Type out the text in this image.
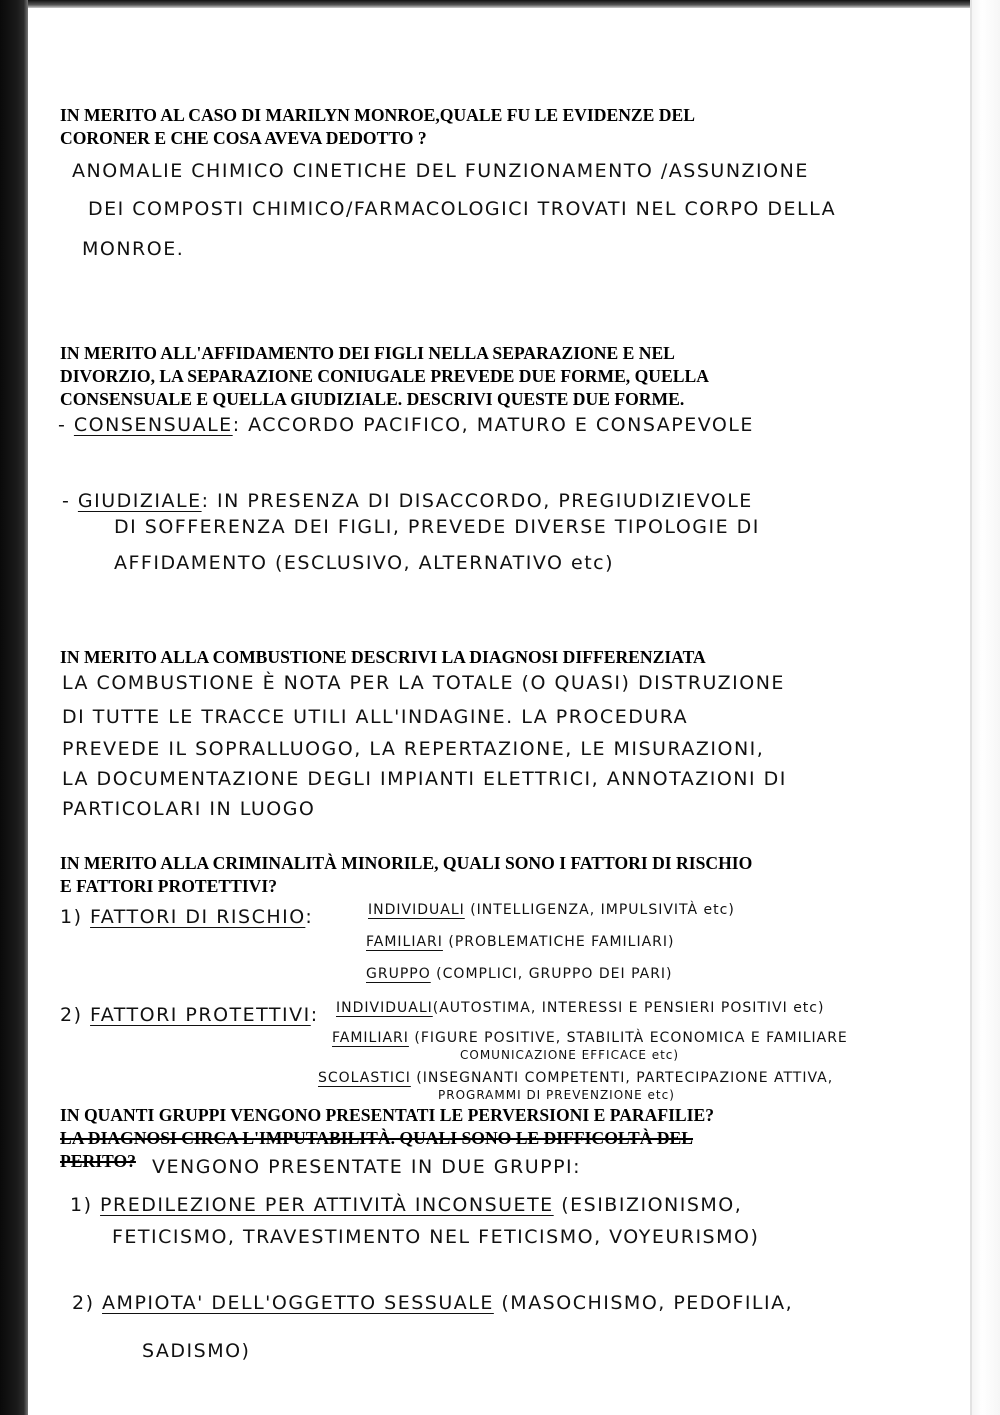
IN MERITO AL CASO DI MARILYN MONROE,QUALE FU LE EVIDENZE DEL

CORONER E CHE COSA AVEVA DEDOTTO ?

ANOMALIE CHIMICO CINETICHE DEL FUNZIONAMENTO /ASSUNZIONE
DEI COMPOSTI CHIMICO/FARMACOLOGICI TROVATI NEL CORPO DELLA
MONROE.

IN MERITO ALL'AFFIDAMENTO DEI FIGLI NELLA SEPARAZIONE E NEL

DIVORZIO, LA SEPARAZIONE CONIUGALE PREVEDE DUE FORME, QUELLA

CONSENSUALE E QUELLA GIUDIZIALE. DESCRIVI QUESTE DUE FORME.

- CONSENSUALE: ACCORDO PACIFICO, MATURO E CONSAPEVOLE
- GIUDIZIALE: IN PRESENZA DI DISACCORDO, PREGIUDIZIEVOLE
DI SOFFERENZA DEI FIGLI, PREVEDE DIVERSE TIPOLOGIE DI
AFFIDAMENTO (ESCLUSIVO, ALTERNATIVO etc)

IN MERITO ALLA COMBUSTIONE DESCRIVI LA DIAGNOSI DIFFERENZIATA

LA COMBUSTIONE È NOTA PER LA TOTALE (O QUASI) DISTRUZIONE
DI TUTTE LE TRACCE UTILI ALL'INDAGINE. LA PROCEDURA
PREVEDE IL SOPRALLUOGO, LA REPERTAZIONE, LE MISURAZIONI,
LA DOCUMENTAZIONE DEGLI IMPIANTI ELETTRICI, ANNOTAZIONI DI
PARTICOLARI IN LUOGO

IN MERITO ALLA CRIMINALITÀ MINORILE, QUALI SONO I FATTORI DI RISCHIO

E FATTORI PROTETTIVI?

1) FATTORI DI RISCHIO:	INDIVIDUALI (INTELLIGENZA, IMPULSIVITÀ etc)
FAMILIARI (PROBLEMATICHE FAMILIARI)
GRUPPO (COMPLICI, GRUPPO DEI PARI)
2) FATTORI PROTETTIVI: INDIVIDUALI(AUTOSTIMA, INTERESSI E PENSIERI POSITIVI etc)
FAMILIARI (FIGURE POSITIVE, STABILITÀ ECONOMICA E FAMILIARE
COMUNICAZIONE EFFICACE etc)
SCOLASTICI (INSEGNANTI COMPETENTI, PARTECIPAZIONE ATTIVA,
PROGRAMMI DI PREVENZIONE etc)

IN QUANTI GRUPPI VENGONO PRESENTATI LE PERVERSIONI E PARAFILIE?

LA DIAGNOSI CIRCA L'IMPUTABILITÀ. QUALI SONO LE DIFFICOLTÀ DEL

PERITO? VENGONO PRESENTATE IN DUE GRUPPI:
1) PREDILEZIONE PER ATTIVITÀ INCONSUETE (ESIBIZIONISMO,
FETICISMO, TRAVESTIMENTO NEL FETICISMO, VOYEURISMO)
2) AMPIOTA' DELL'OGGETTO SESSUALE (MASOCHISMO, PEDOFILIA,
SADISMO)
